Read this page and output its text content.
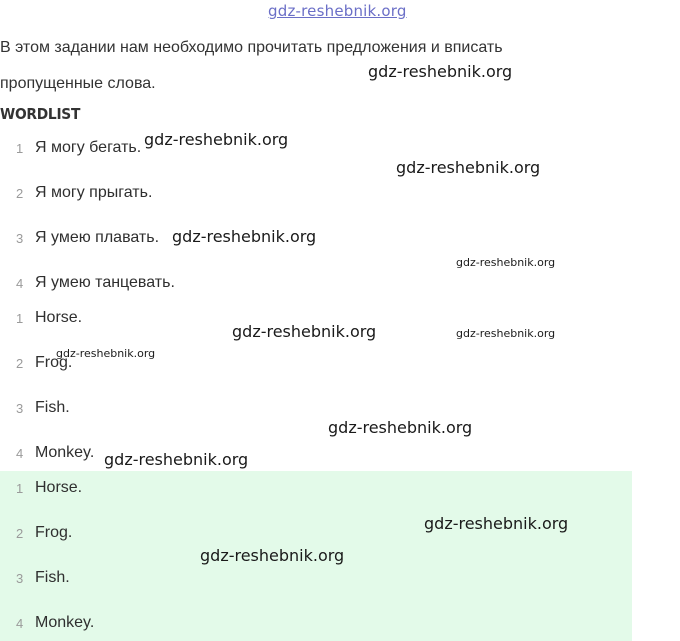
gdz-reshebnik.org

В этом задании нам необходимо прочитать предложения и вписать
пропущенные слова.

WORDLIST
1 Я могу бегать.
2 Я могу прыгать.
3 Я умею плавать.
4 Я умею танцевать.
1 Horse.
2 Frog.
3 Fish.
4 Monkey.
1 Horse.
2 Frog.
3 Fish.
4 Monkey.
gdz-reshebnik.org
gdz-reshebnik.org
gdz-reshebnik.org
gdz-reshebnik.org
gdz-reshebnik.org
gdz-reshebnik.org	gdz-reshebnik.org
gdz-reshebnik.org
gdz-reshebnik.org
gdz-reshebnik.org
gdz-reshebnik.org
gdz-reshebnik.org
